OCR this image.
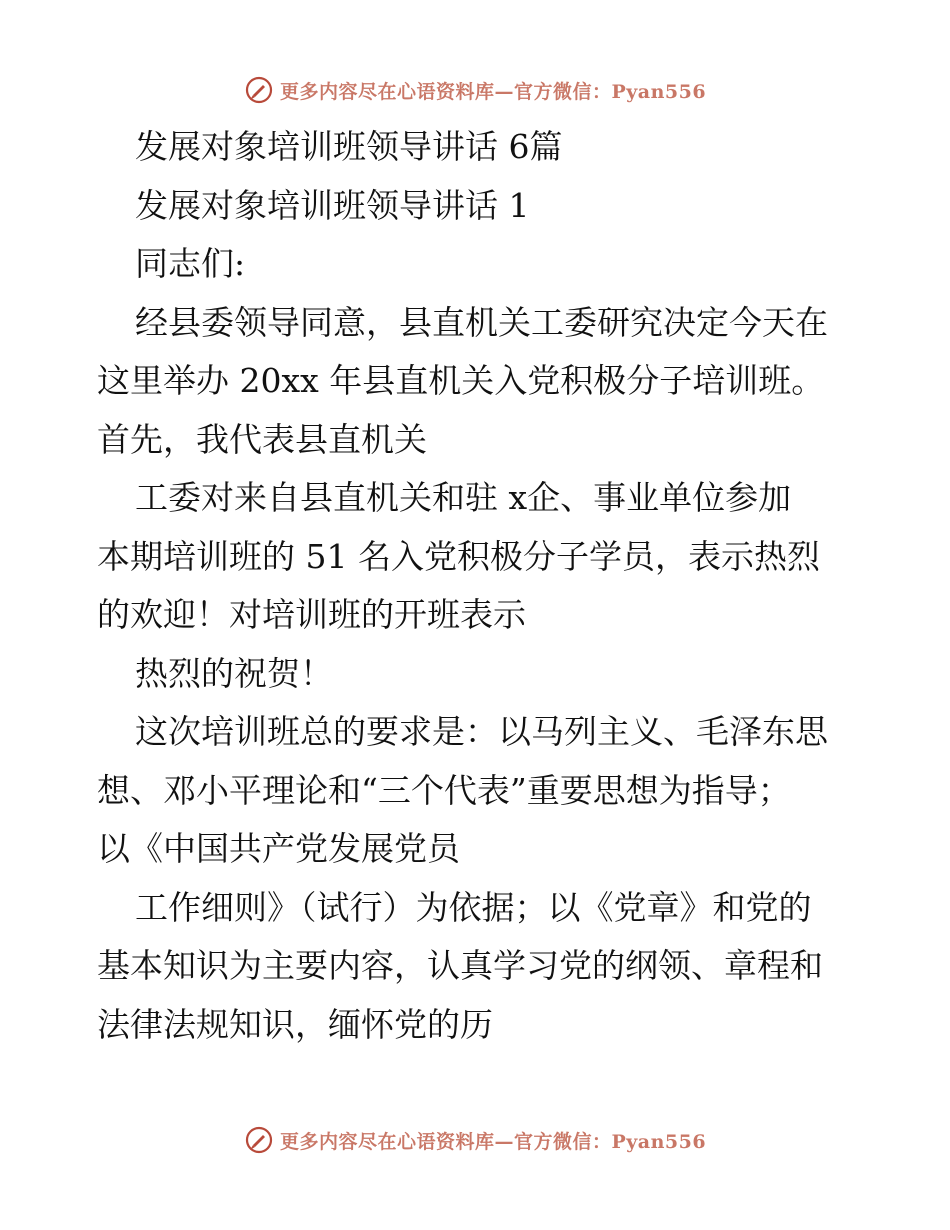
更多内容尽在心语资料库—官方微信：Pyan556
发展对象培训班领导讲话 6篇
发展对象培训班领导讲话 1
同志们:
经县委领导同意，县直机关工委研究决定今天在
这里举办 20xx 年县直机关入党积极分子培训班。
首先，我代表县直机关
工委对来自县直机关和驻 x企、事业单位参加
本期培训班的 51 名入党积极分子学员，表示热烈
的欢迎！对培训班的开班表示
热烈的祝贺！
这次培训班总的要求是：以马列主义、毛泽东思
想、邓小平理论和“三个代表”重要思想为指导；
以《中国共产党发展党员
工作细则》（试行）为依据；以《党章》和党的
基本知识为主要内容，认真学习党的纲领、章程和
法律法规知识，缅怀党的历
更多内容尽在心语资料库—官方微信：Pyan556
